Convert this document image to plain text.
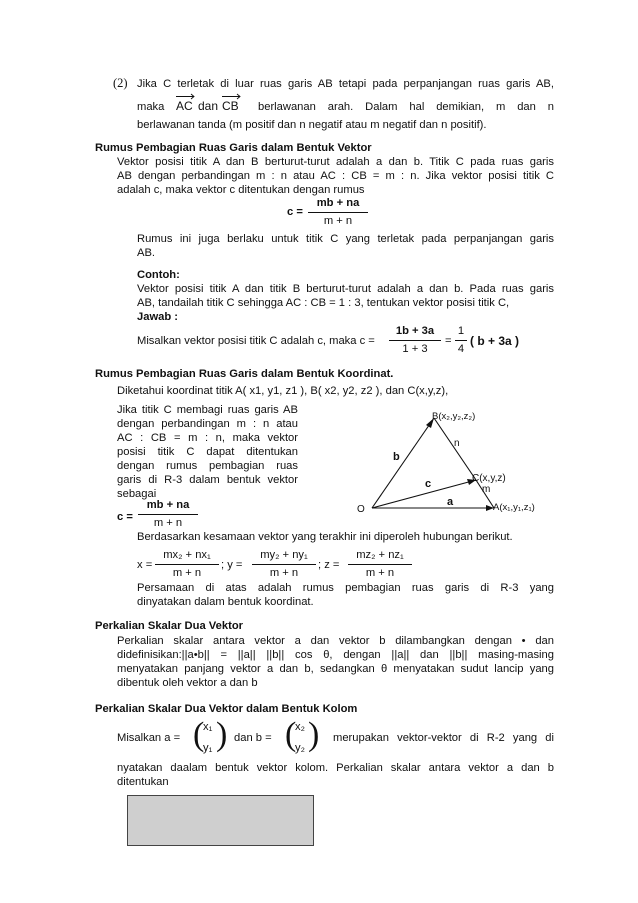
(2) Jika C terletak di luar ruas garis AB tetapi pada perpanjangan ruas garis AB,
maka AC dan CB berlawanan arah. Dalam hal demikian, m dan n
berlawanan tanda (m positif dan n negatif atau m negatif dan n positif).
Rumus Pembagian Ruas Garis dalam Bentuk Vektor
Vektor posisi titik A dan B berturut-turut adalah a dan b. Titik C pada ruas garis
AB dengan perbandingan m : n atau AC : CB = m : n. Jika vektor posisi titik C
adalah c, maka vektor c ditentukan dengan rumus
c =
mb + na
m + n
Rumus ini juga berlaku untuk titik C yang terletak pada perpanjangan garis
AB.
Contoh:
Vektor posisi titik A dan titik B berturut-turut adalah a dan b. Pada ruas garis
AB, tandailah titik C sehingga AC : CB = 1 : 3, tentukan vektor posisi titik C,
Jawab :
Misalkan vektor posisi titik C adalah c, maka c =
1b + 3a
1 + 3
=
1
4
( b + 3a )
Rumus Pembagian Ruas Garis dalam Bentuk Koordinat.
Diketahui koordinat titik A( x1, y1, z1 ), B( x2, y2, z2 ), dan C(x,y,z),
Jika titik C membagi ruas garis AB
dengan perbandingan m : n atau
AC : CB = m : n, maka vektor
posisi titik C dapat ditentukan
dengan rumus pembagian ruas
garis di R-3 dalam bentuk vektor
sebagai
c =
mb + na
m + n
B(x₂,y₂,z₂)
C(x,y,z)
A(x₁,y₁,z₁)
O
b
c
a
n
m
Berdasarkan kesamaan vektor yang terakhir ini diperoleh hubungan berikut.
x =
mx₂ + nx₁
m + n
; y =
my₂ + ny₁
m + n
; z =
mz₂ + nz₁
m + n
Persamaan di atas adalah rumus pembagian ruas garis di R-3 yang
dinyatakan dalam bentuk koordinat.
Perkalian Skalar Dua Vektor
Perkalian skalar antara vektor a dan vektor b dilambangkan dengan • dan
didefinisikan:||a•b|| = ||a|| ||b|| cos θ, dengan ||a|| dan ||b|| masing-masing
menyatakan panjang vektor a dan b, sedangkan θ menyatakan sudut lancip yang
dibentuk oleh vektor a dan b
Perkalian Skalar Dua Vektor dalam Bentuk Kolom
Misalkan a = (
x₁
y₁ ) dan b = (
x₂
y₂ ) merupakan vektor-vektor di R-2 yang di
nyatakan daalam bentuk vektor kolom. Perkalian skalar antara vektor a dan b
ditentukan
